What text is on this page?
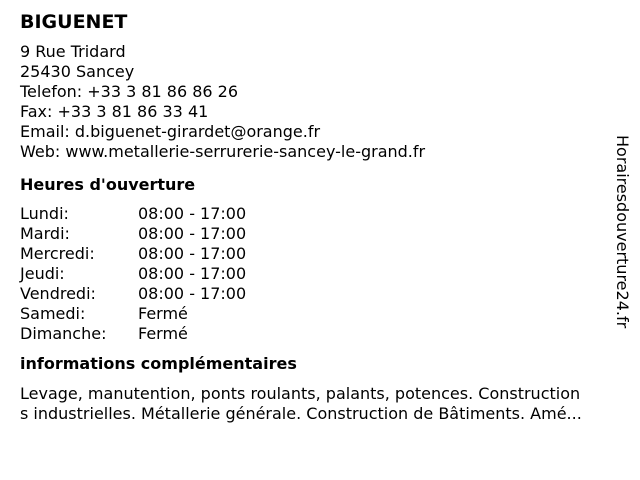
BIGUENET
9 Rue Tridard
25430 Sancey
Telefon: +33 3 81 86 86 26
Fax: +33 3 81 86 33 41
Email: d.biguenet-girardet@orange.fr
Web: www.metallerie-serrurerie-sancey-le-grand.fr
Heures d'ouverture
Lundi:	08:00 - 17:00
Mardi:	08:00 - 17:00
Mercredi:	08:00 - 17:00
Jeudi:	08:00 - 17:00
Vendredi:	08:00 - 17:00
Samedi:	Fermé
Dimanche:	Fermé
informations complémentaires
Levage, manutention, ponts roulants, palants, potences. Construction
s industrielles. Métallerie générale. Construction de Bâtiments. Amé...
Horairesdouverture24.fr
